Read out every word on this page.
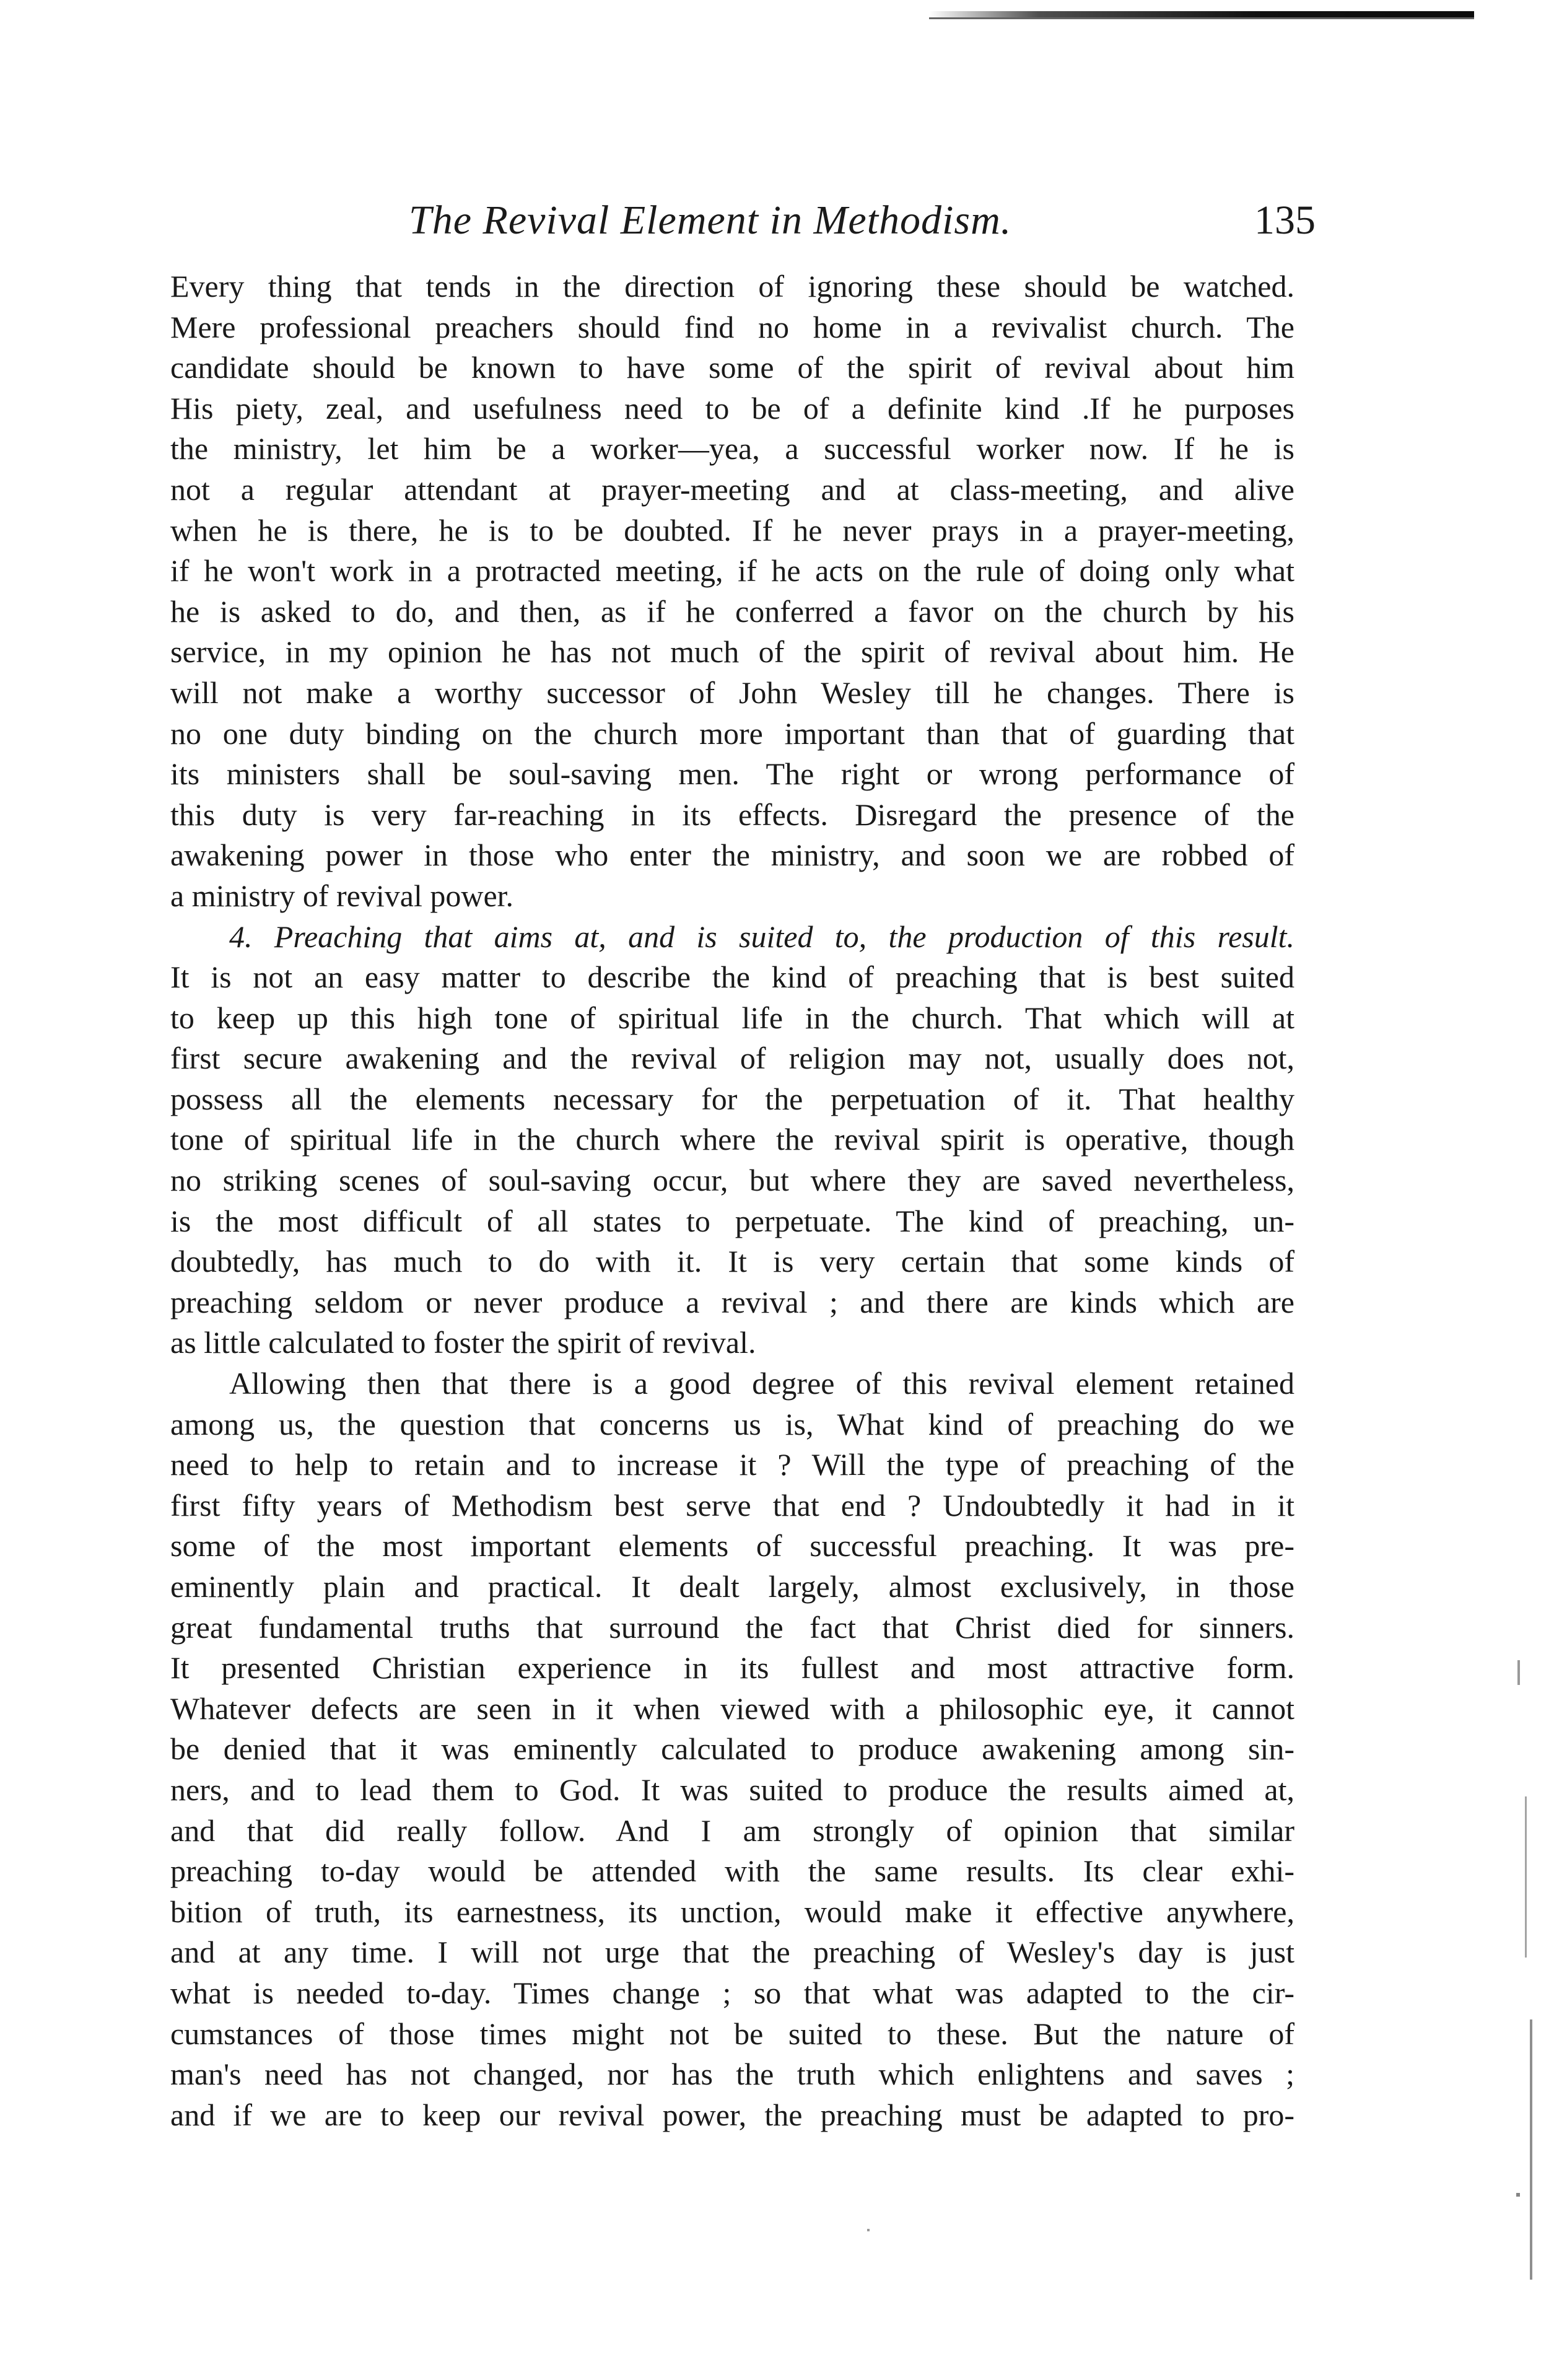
The Revival Element in Methodism.	135
Every thing that tends in the direction of ignoring these should be watched.
Mere professional preachers should find no home in a revivalist church. The
candidate should be known to have some of the spirit of revival about him
His piety, zeal, and usefulness need to be of a definite kind .If he purposes
the ministry, let him be a worker—yea, a successful worker now. If he is
not a regular attendant at prayer-meeting and at class-meeting, and alive
when he is there, he is to be doubted. If he never prays in a prayer-meeting,
if he won't work in a protracted meeting, if he acts on the rule of doing only what
he is asked to do, and then, as if he conferred a favor on the church by his
service, in my opinion he has not much of the spirit of revival about him. He
will not make a worthy successor of John Wesley till he changes. There is
no one duty binding on the church more important than that of guarding that
its ministers shall be soul-saving men. The right or wrong performance of
this duty is very far-reaching in its effects. Disregard the presence of the
awakening power in those who enter the ministry, and soon we are robbed of
a ministry of revival power.
4. Preaching that aims at, and is suited to, the production of this result.
It is not an easy matter to describe the kind of preaching that is best suited
to keep up this high tone of spiritual life in the church. That which will at
first secure awakening and the revival of religion may not, usually does not,
possess all the elements necessary for the perpetuation of it. That healthy
tone of spiritual life in the church where the revival spirit is operative, though
no striking scenes of soul-saving occur, but where they are saved nevertheless,
is the most difficult of all states to perpetuate. The kind of preaching, un-
doubtedly, has much to do with it. It is very certain that some kinds of
preaching seldom or never produce a revival ; and there are kinds which are
as little calculated to foster the spirit of revival.
Allowing then that there is a good degree of this revival element retained
among us, the question that concerns us is, What kind of preaching do we
need to help to retain and to increase it ? Will the type of preaching of the
first fifty years of Methodism best serve that end ? Undoubtedly it had in it
some of the most important elements of successful preaching. It was pre-
eminently plain and practical. It dealt largely, almost exclusively, in those
great fundamental truths that surround the fact that Christ died for sinners.
It presented Christian experience in its fullest and most attractive form.
Whatever defects are seen in it when viewed with a philosophic eye, it cannot
be denied that it was eminently calculated to produce awakening among sin-
ners, and to lead them to God. It was suited to produce the results aimed at,
and that did really follow. And I am strongly of opinion that similar
preaching to-day would be attended with the same results. Its clear exhi-
bition of truth, its earnestness, its unction, would make it effective anywhere,
and at any time. I will not urge that the preaching of Wesley's day is just
what is needed to-day. Times change ; so that what was adapted to the cir-
cumstances of those times might not be suited to these. But the nature of
man's need has not changed, nor has the truth which enlightens and saves ;
and if we are to keep our revival power, the preaching must be adapted to pro-
